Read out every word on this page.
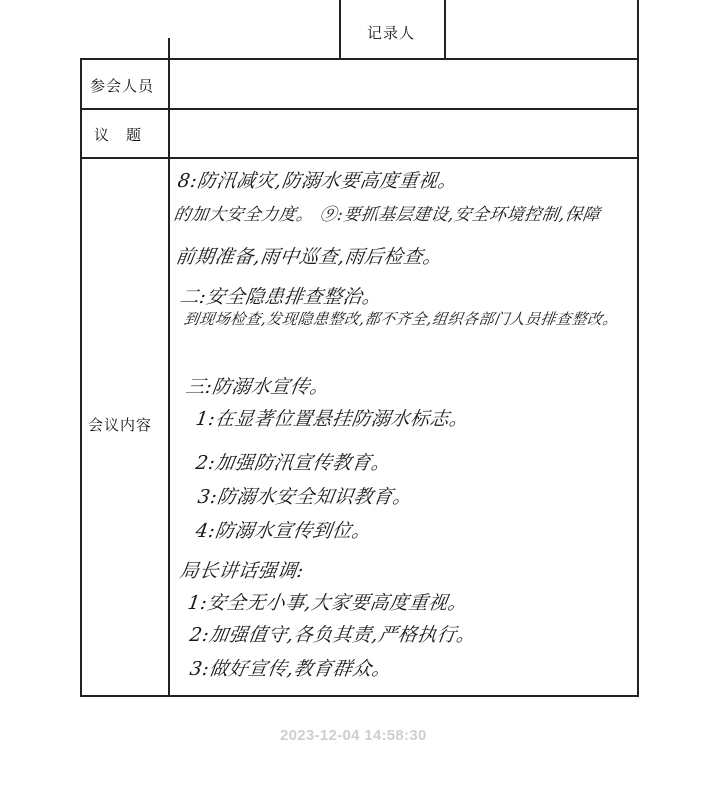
记录人
参会人员
议　题
会议内容
8:防汛减灾,防溺水要高度重视。
的加大安全力度。 ⑨:要抓基层建设,安全环境控制,保障
前期准备,雨中巡查,雨后检查。
二:安全隐患排查整治。
到现场检查,发现隐患整改,都不齐全,组织各部门人员排查整改。
三:防溺水宣传。
1:在显著位置悬挂防溺水标志。
2:加强防汛宣传教育。
3:防溺水安全知识教育。
4:防溺水宣传到位。
局长讲话强调:
1:安全无小事,大家要高度重视。
2:加强值守,各负其责,严格执行。
3:做好宣传,教育群众。
2023-12-04 14:58:30
